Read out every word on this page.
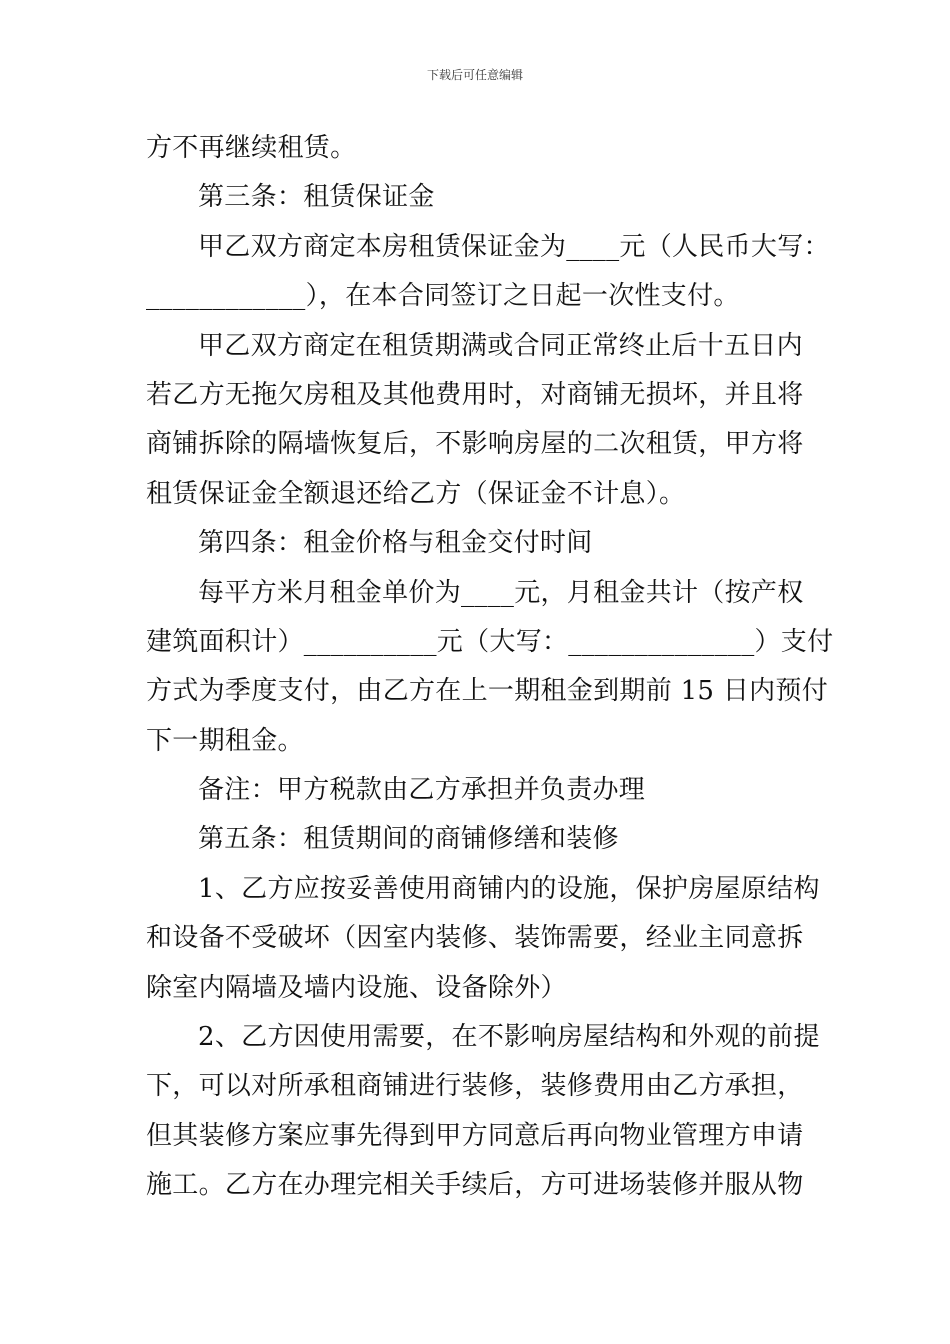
下载后可任意编辑
方不再继续租赁。
第三条：租赁保证金
甲乙双方商定本房租赁保证金为____元（人民币大写：
____________），在本合同签订之日起一次性支付。
甲乙双方商定在租赁期满或合同正常终止后十五日内
若乙方无拖欠房租及其他费用时，对商铺无损坏，并且将
商铺拆除的隔墙恢复后，不影响房屋的二次租赁，甲方将
租赁保证金全额退还给乙方（保证金不计息）。
第四条：租金价格与租金交付时间
每平方米月租金单价为____元，月租金共计（按产权
建筑面积计）__________元（大写：______________）支付
方式为季度支付，由乙方在上一期租金到期前 15 日内预付
下一期租金。
备注：甲方税款由乙方承担并负责办理
第五条：租赁期间的商铺修缮和装修
1、乙方应按妥善使用商铺内的设施，保护房屋原结构
和设备不受破坏（因室内装修、装饰需要，经业主同意拆
除室内隔墙及墙内设施、设备除外）
2、乙方因使用需要，在不影响房屋结构和外观的前提
下，可以对所承租商铺进行装修，装修费用由乙方承担，
但其装修方案应事先得到甲方同意后再向物业管理方申请
施工。乙方在办理完相关手续后，方可进场装修并服从物
